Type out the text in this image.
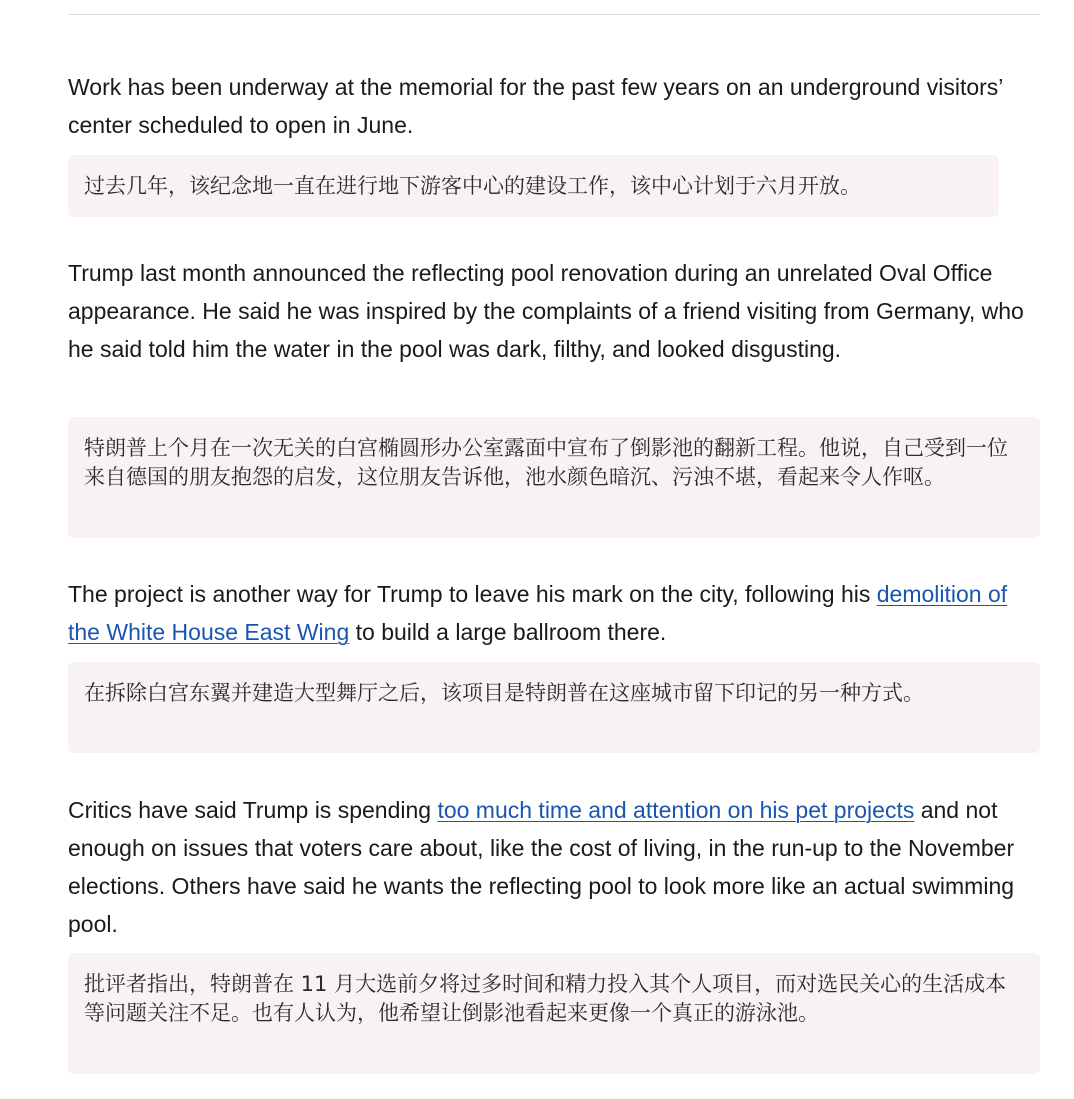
Work has been underway at the memorial for the past few years on an underground visitors’ center scheduled to open in June.

过去几年，该纪念地一直在进行地下游客中心的建设工作，该中心计划于六月开放。

Trump last month announced the reflecting pool renovation during an unrelated Oval Office appearance. He said he was inspired by the complaints of a friend visiting from Germany, who he said told him the water in the pool was dark, filthy, and looked disgusting.

特朗普上个月在一次无关的白宫椭圆形办公室露面中宣布了倒影池的翻新工程。他说，自己受到一位来自德国的朋友抱怨的启发，这位朋友告诉他，池水颜色暗沉、污浊不堪，看起来令人作呕。

The project is another way for Trump to leave his mark on the city, following his demolition of the White House East Wing to build a large ballroom there.

在拆除白宫东翼并建造大型舞厅之后，该项目是特朗普在这座城市留下印记的另一种方式。

Critics have said Trump is spending too much time and attention on his pet projects and not enough on issues that voters care about, like the cost of living, in the run-up to the November elections. Others have said he wants the reflecting pool to look more like an actual swimming pool.

批评者指出，特朗普在 11 月大选前夕将过多时间和精力投入其个人项目，而对选民关心的生活成本等问题关注不足。也有人认为，他希望让倒影池看起来更像一个真正的游泳池。
